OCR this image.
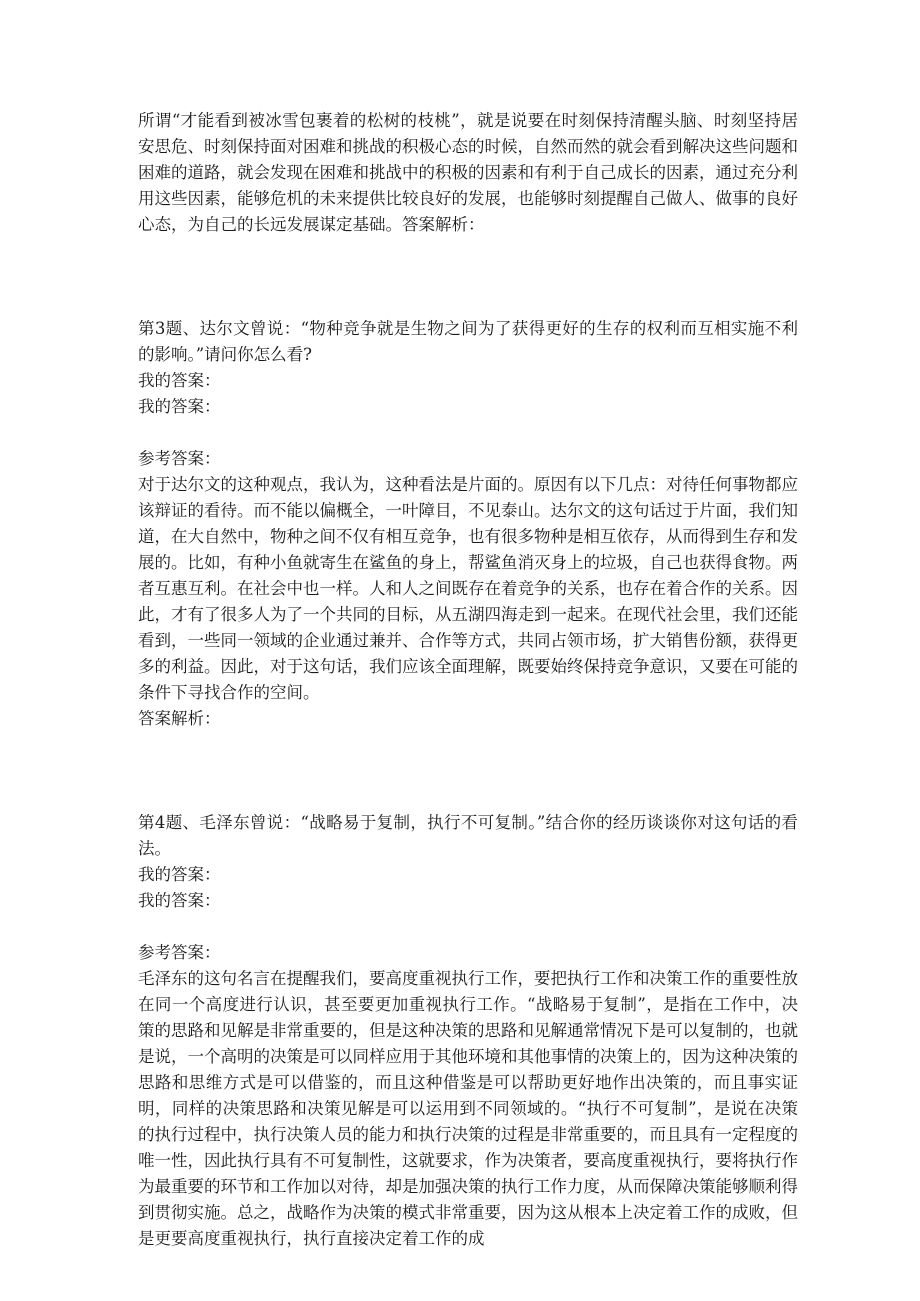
所谓“才能看到被冰雪包裹着的松树的枝桃”，就是说要在时刻保持清醒头脑、时刻坚持居安思危、时刻保持面对困难和挑战的积极心态的时候，自然而然的就会看到解决这些问题和困难的道路，就会发现在困难和挑战中的积极的因素和有利于自己成长的因素，通过充分利用这些因素，能够危机的未来提供比较良好的发展，也能够时刻提醒自己做人、做事的良好心态，为自己的长远发展谋定基础。答案解析：

第3题、达尔文曾说：“物种竞争就是生物之间为了获得更好的生存的权利而互相实施不利的影响。”请问你怎么看?

我的答案：

我的答案：

参考答案：

对于达尔文的这种观点，我认为，这种看法是片面的。原因有以下几点：对待任何事物都应该辩证的看待。而不能以偏概全，一叶障目，不见泰山。达尔文的这句话过于片面，我们知道，在大自然中，物种之间不仅有相互竞争，也有很多物种是相互依存，从而得到生存和发展的。比如，有种小鱼就寄生在鲨鱼的身上，帮鲨鱼消灭身上的垃圾，自己也获得食物。两者互惠互利。在社会中也一样。人和人之间既存在着竞争的关系，也存在着合作的关系。因此，才有了很多人为了一个共同的目标，从五湖四海走到一起来。在现代社会里，我们还能看到，一些同一领域的企业通过兼并、合作等方式，共同占领市场，扩大销售份额，获得更多的利益。因此，对于这句话，我们应该全面理解，既要始终保持竞争意识，又要在可能的条件下寻找合作的空间。

答案解析：

第4题、毛泽东曾说：“战略易于复制，执行不可复制。”结合你的经历谈谈你对这句话的看法。

我的答案：

我的答案：

参考答案：

毛泽东的这句名言在提醒我们，要高度重视执行工作，要把执行工作和决策工作的重要性放在同一个高度进行认识，甚至要更加重视执行工作。“战略易于复制”，是指在工作中，决策的思路和见解是非常重要的，但是这种决策的思路和见解通常情况下是可以复制的，也就是说，一个高明的决策是可以同样应用于其他环境和其他事情的决策上的，因为这种决策的思路和思维方式是可以借鉴的，而且这种借鉴是可以帮助更好地作出决策的，而且事实证明，同样的决策思路和决策见解是可以运用到不同领域的。“执行不可复制”，是说在决策的执行过程中，执行决策人员的能力和执行决策的过程是非常重要的，而且具有一定程度的唯一性，因此执行具有不可复制性，这就要求，作为决策者，要高度重视执行，要将执行作为最重要的环节和工作加以对待，却是加强决策的执行工作力度，从而保障决策能够顺利得到贯彻实施。总之，战略作为决策的模式非常重要，因为这从根本上决定着工作的成败，但是更要高度重视执行，执行直接决定着工作的成
